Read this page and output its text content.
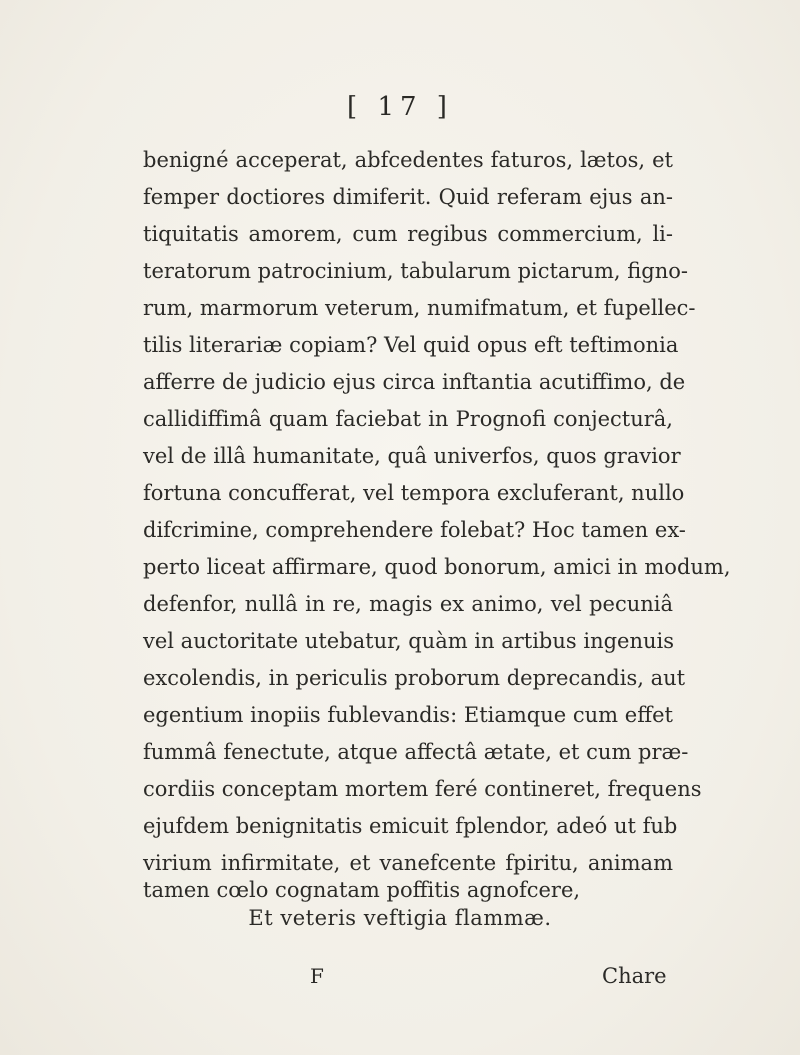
[ 17 ]
benigné acceperat, abfcedentes faturos, lætos, et
femper doctiores dimiferit. Quid referam ejus an-
tiquitatis amorem, cum regibus commercium, li-
teratorum patrocinium, tabularum pictarum, figno-
rum, marmorum veterum, numifmatum, et fupellec-
tilis literariæ copiam? Vel quid opus eft teftimonia
afferre de judicio ejus circa inftantia acutiffimo, de
callidiffimâ quam faciebat in Prognofi conjecturâ,
vel de illâ humanitate, quâ univerfos, quos gravior
fortuna concufferat, vel tempora excluferant, nullo
difcrimine, comprehendere folebat? Hoc tamen ex-
perto liceat affirmare, quod bonorum, amici in modum,
defenfor, nullâ in re, magis ex animo, vel pecuniâ
vel auctoritate utebatur, quàm in artibus ingenuis
excolendis, in periculis proborum deprecandis, aut
egentium inopiis fublevandis: Etiamque cum effet
fummâ fenectute, atque affectâ ætate, et cum præ-
cordiis conceptam mortem feré contineret, frequens
ejufdem benignitatis emicuit fplendor, adeó ut fub
virium infirmitate, et vanefcente fpiritu, animam
tamen cœlo cognatam poffitis agnofcere,
Et veteris veftigia flammæ.
F	Chare
